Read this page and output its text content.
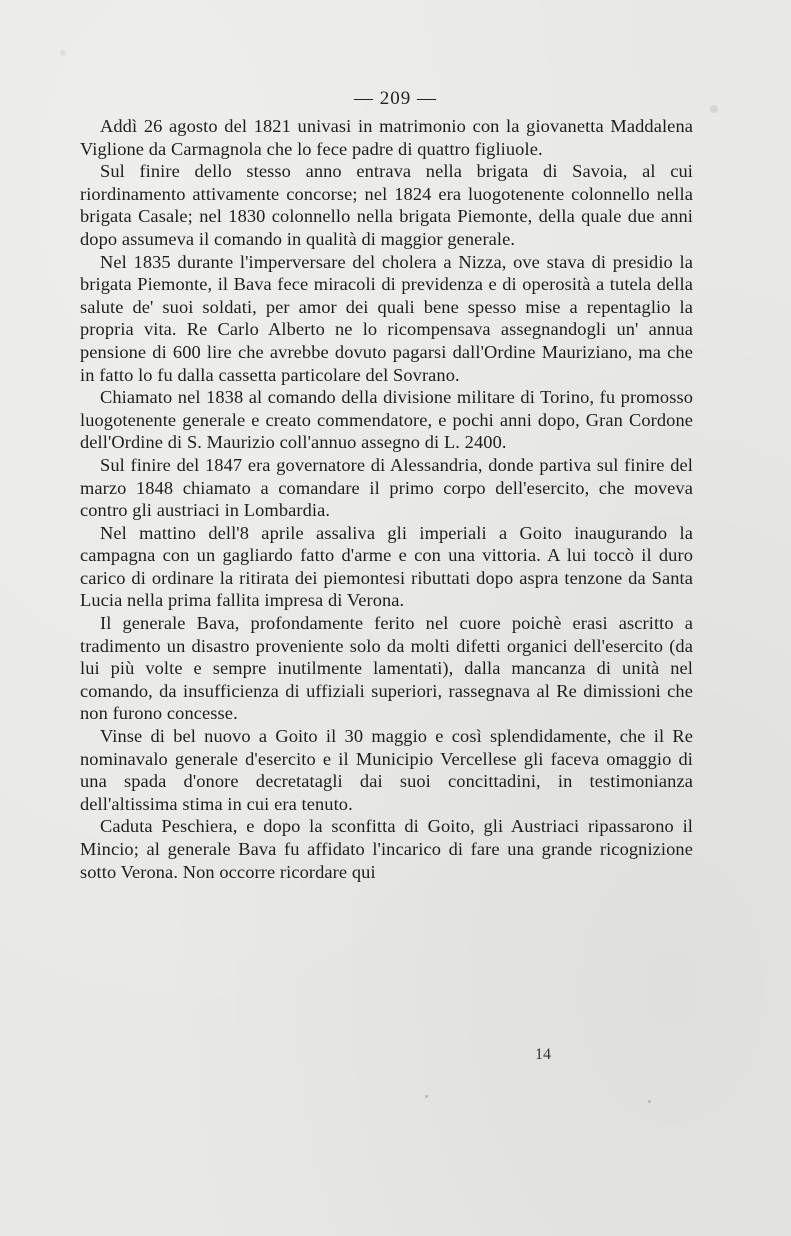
— 209 —

Addì 26 agosto del 1821 univasi in matrimonio con la giovanetta Maddalena Viglione da Carmagnola che lo fece padre di quattro figliuole.

Sul finire dello stesso anno entrava nella brigata di Savoia, al cui riordinamento attivamente concorse; nel 1824 era luogotenente colonnello nella brigata Casale; nel 1830 colonnello nella brigata Piemonte, della quale due anni dopo assumeva il comando in qualità di maggior generale.

Nel 1835 durante l'imperversare del cholera a Nizza, ove stava di presidio la brigata Piemonte, il Bava fece miracoli di previdenza e di operosità a tutela della salute de' suoi soldati, per amor dei quali bene spesso mise a repentaglio la propria vita. Re Carlo Alberto ne lo ricompensava assegnandogli un' annua pensione di 600 lire che avrebbe dovuto pagarsi dall'Ordine Mauriziano, ma che in fatto lo fu dalla cassetta particolare del Sovrano.

Chiamato nel 1838 al comando della divisione militare di Torino, fu promosso luogotenente generale e creato commendatore, e pochi anni dopo, Gran Cordone dell'Ordine di S. Maurizio coll'annuo assegno di L. 2400.

Sul finire del 1847 era governatore di Alessandria, donde partiva sul finire del marzo 1848 chiamato a comandare il primo corpo dell'esercito, che moveva contro gli austriaci in Lombardia.

Nel mattino dell'8 aprile assaliva gli imperiali a Goito inaugurando la campagna con un gagliardo fatto d'arme e con una vittoria. A lui toccò il duro carico di ordinare la ritirata dei piemontesi ributtati dopo aspra tenzone da Santa Lucia nella prima fallita impresa di Verona.

Il generale Bava, profondamente ferito nel cuore poichè erasi ascritto a tradimento un disastro proveniente solo da molti difetti organici dell'esercito (da lui più volte e sempre inutilmente lamentati), dalla mancanza di unità nel comando, da insufficienza di uffiziali superiori, rassegnava al Re dimissioni che non furono concesse.

Vinse di bel nuovo a Goito il 30 maggio e così splendidamente, che il Re nominavalo generale d'esercito e il Municipio Vercellese gli faceva omaggio di una spada d'onore decretatagli dai suoi concittadini, in testimonianza dell'altissima stima in cui era tenuto.

Caduta Peschiera, e dopo la sconfitta di Goito, gli Austriaci ripassarono il Mincio; al generale Bava fu affidato l'incarico di fare una grande ricognizione sotto Verona. Non occorre ricordare qui

14
